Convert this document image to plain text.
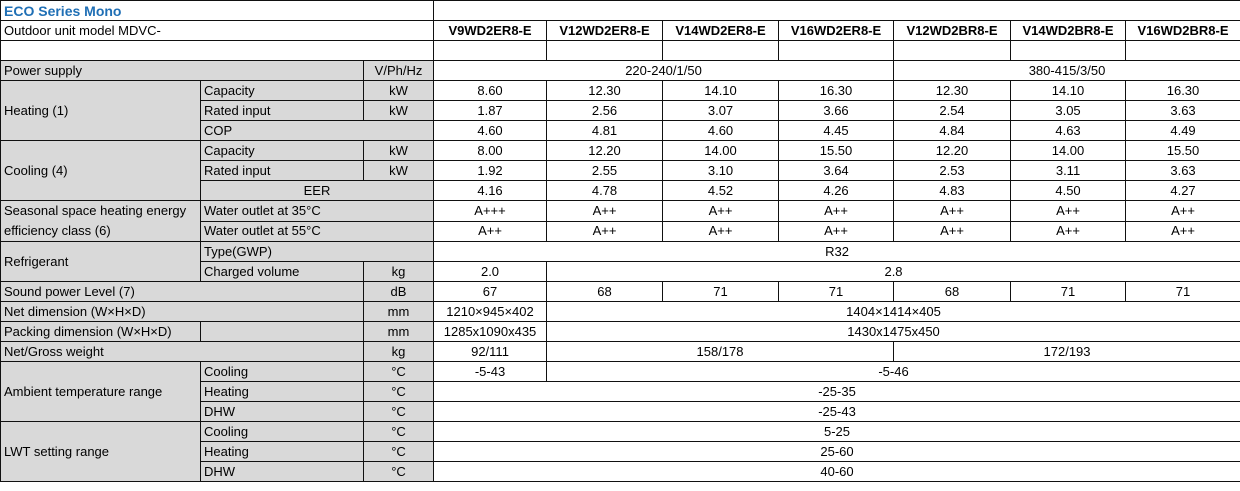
ECO Series Mono									
Outdoor unit model MDVC-			V9WD2ER8-E	V12WD2ER8-E	V14WD2ER8-E	V16WD2ER8-E	V12WD2BR8-E	V14WD2BR8-E	V16WD2BR8-E

Power supply		V/Ph/Hz	220-240/1/50				380-415/3/50		
Heating (1)	Capacity	kW	8.60	12.30	14.10	16.30	12.30	14.10	16.30
	Rated input	kW	1.87	2.56	3.07	3.66	2.54	3.05	3.63
	COP		4.60	4.81	4.60	4.45	4.84	4.63	4.49
Cooling (4)	Capacity	kW	8.00	12.20	14.00	15.50	12.20	14.00	15.50
	Rated input	kW	1.92	2.55	3.10	3.64	2.53	3.11	3.63
	EER		4.16	4.78	4.52	4.26	4.83	4.50	4.27
Seasonal space heating energy efficiency class (6)	Water outlet at 35°C		A+++	A++	A++	A++	A++	A++	A++
	Water outlet at 55°C		A++	A++	A++	A++	A++	A++	A++
Refrigerant	Type(GWP)		R32						
	Charged volume	kg	2.0	2.8					
Sound power Level (7)		dB	67	68	71	71	68	71	71
Net dimension (W×H×D)		mm	1210×945×402	1404×1414×405					
Packing dimension (W×H×D)		mm	1285x1090x435	1430x1475x450					
Net/Gross weight		kg	92/111	158/178			172/193		
Ambient temperature range	Cooling	°C	-5-43	-5-46					
	Heating	°C	-25-35						
	DHW	°C	-25-43						
LWT setting range	Cooling	°C	5-25						
	Heating	°C	25-60						
	DHW	°C	40-60						
